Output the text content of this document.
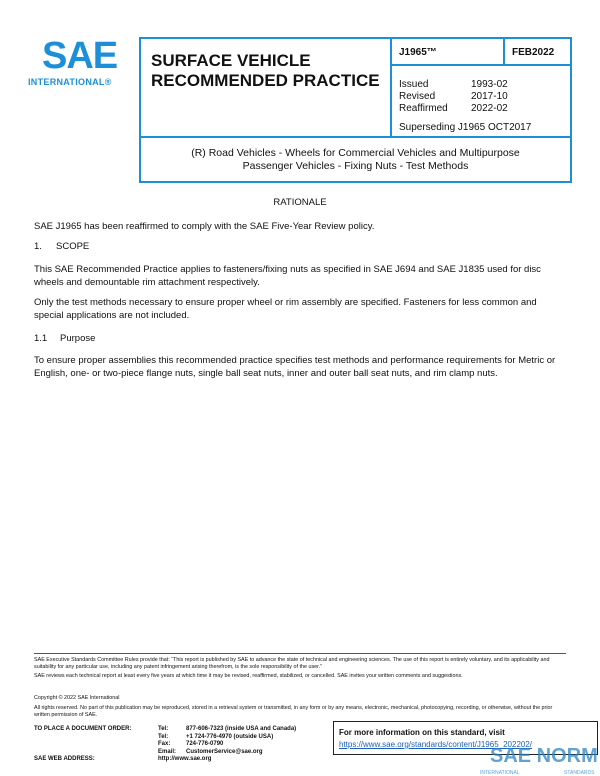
SAE
INTERNATIONAL®
SURFACE VEHICLE
RECOMMENDED PRACTICE
J1965™	FEB2022
Issued	1993-02
Revised	2017-10
Reaffirmed 2022-02
Superseding J1965 OCT2017
(R) Road Vehicles - Wheels for Commercial Vehicles and Multipurpose
Passenger Vehicles - Fixing Nuts - Test Methods
RATIONALE
SAE J1965 has been reaffirmed to comply with the SAE Five-Year Review policy.
1. SCOPE
This SAE Recommended Practice applies to fasteners/fixing nuts as specified in SAE J694 and SAE J1835 used for disc wheels and demountable rim attachment respectively.
Only the test methods necessary to ensure proper wheel or rim assembly are specified. Fasteners for less common and special applications are not included.
1.1 Purpose
To ensure proper assemblies this recommended practice specifies test methods and performance requirements for Metric or English, one- or two-piece flange nuts, single ball seat nuts, inner and outer ball seat nuts, and rim clamp nuts.
SAE Executive Standards Committee Rules provide that: “This report is published by SAE to advance the state of technical and engineering sciences. The use of this report is entirely voluntary, and its applicability and suitability for any particular use, including any patent infringement arising therefrom, is the sole responsibility of the user.”
SAE reviews each technical report at least every five years at which time it may be revised, reaffirmed, stabilized, or cancelled. SAE invites your written comments and suggestions.
Copyright © 2022 SAE International
All rights reserved. No part of this publication may be reproduced, stored in a retrieval system or transmitted, in any form or by any means, electronic, mechanical, photocopying, recording, or otherwise, without the prior written permission of SAE.
TO PLACE A DOCUMENT ORDER:	Tel:	877-606-7323 (inside USA and Canada)
	Tel:	+1 724-776-4970 (outside USA)
	Fax:	724-776-0790
	Email:	CustomerService@sae.org
SAE WEB ADDRESS:	http://www.sae.org	
For more information on this standard, visit
https://www.sae.org/standards/content/J1965_202202/
SAE NORM
INTERNATIONAL	STANDARDS
